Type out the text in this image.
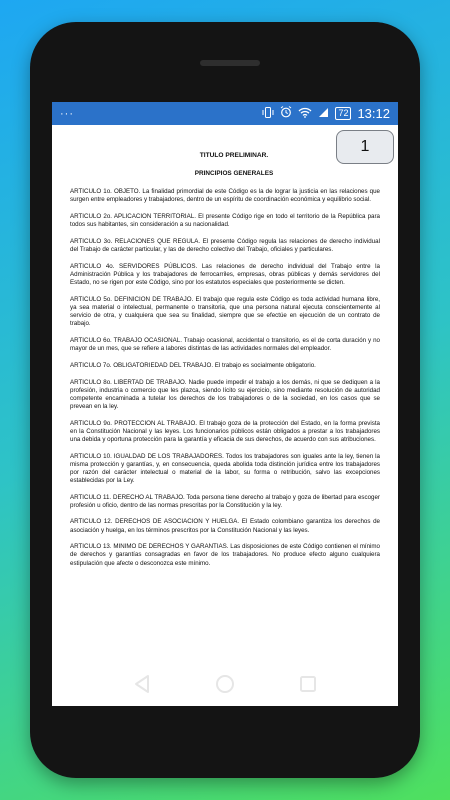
···	72 13:12
1
TITULO PRELIMINAR.
PRINCIPIOS GENERALES

ARTICULO 1o. OBJETO. La finalidad primordial de este Código es la de lograr la justicia en las relaciones que surgen entre empleadores y trabajadores, dentro de un espíritu de coordinación económica y equilibrio social.

ARTICULO 2o. APLICACION TERRITORIAL. El presente Código rige en todo el territorio de la República para todos sus habitantes, sin consideración a su nacionalidad.

ARTICULO 3o. RELACIONES QUE REGULA. El presente Código regula las relaciones de derecho individual del Trabajo de carácter particular, y las de derecho colectivo del Trabajo, oficiales y particulares.

ARTICULO 4o. SERVIDORES PÚBLICOS. Las relaciones de derecho individual del Trabajo entre la Administración Pública y los trabajadores de ferrocarriles, empresas, obras públicas y demás servidores del Estado, no se rigen por este Código, sino por los estatutos especiales que posteriormente se dicten.

ARTICULO 5o. DEFINICION DE TRABAJO. El trabajo que regula este Código es toda actividad humana libre, ya sea material o intelectual, permanente o transitoria, que una persona natural ejecuta conscientemente al servicio de otra, y cualquiera que sea su finalidad, siempre que se efectúe en ejecución de un contrato de trabajo.

ARTICULO 6o. TRABAJO OCASIONAL. Trabajo ocasional, accidental o transitorio, es el de corta duración y no mayor de un mes, que se refiere a labores distintas de las actividades normales del empleador.

ARTICULO 7o. OBLIGATORIEDAD DEL TRABAJO. El trabajo es socialmente obligatorio.

ARTICULO 8o. LIBERTAD DE TRABAJO. Nadie puede impedir el trabajo a los demás, ni que se dediquen a la profesión, industria o comercio que les plazca, siendo lícito su ejercicio, sino mediante resolución de autoridad competente encaminada a tutelar los derechos de los trabajadores o de la sociedad, en los casos que se prevean en la ley.

ARTICULO 9o. PROTECCION AL TRABAJO. El trabajo goza de la protección del Estado, en la forma prevista en la Constitución Nacional y las leyes. Los funcionarios públicos están obligados a prestar a los trabajadores una debida y oportuna protección para la garantía y eficacia de sus derechos, de acuerdo con sus atribuciones.

ARTICULO 10. IGUALDAD DE LOS TRABAJADORES. Todos los trabajadores son iguales ante la ley, tienen la misma protección y garantías, y, en consecuencia, queda abolida toda distinción jurídica entre los trabajadores por razón del carácter intelectual o material de la labor, su forma o retribución, salvo las excepciones establecidas por la Ley.

ARTICULO 11. DERECHO AL TRABAJO. Toda persona tiene derecho al trabajo y goza de libertad para escoger profesión u oficio, dentro de las normas prescritas por la Constitución y la ley.

ARTICULO 12. DERECHOS DE ASOCIACION Y HUELGA. El Estado colombiano garantiza los derechos de asociación y huelga, en los términos prescritos por la Constitución Nacional y las leyes.

ARTICULO 13. MINIMO DE DERECHOS Y GARANTIAS. Las disposiciones de este Código contienen el mínimo de derechos y garantías consagradas en favor de los trabajadores. No produce efecto alguno cualquiera estipulación que afecte o desconozca este mínimo.
